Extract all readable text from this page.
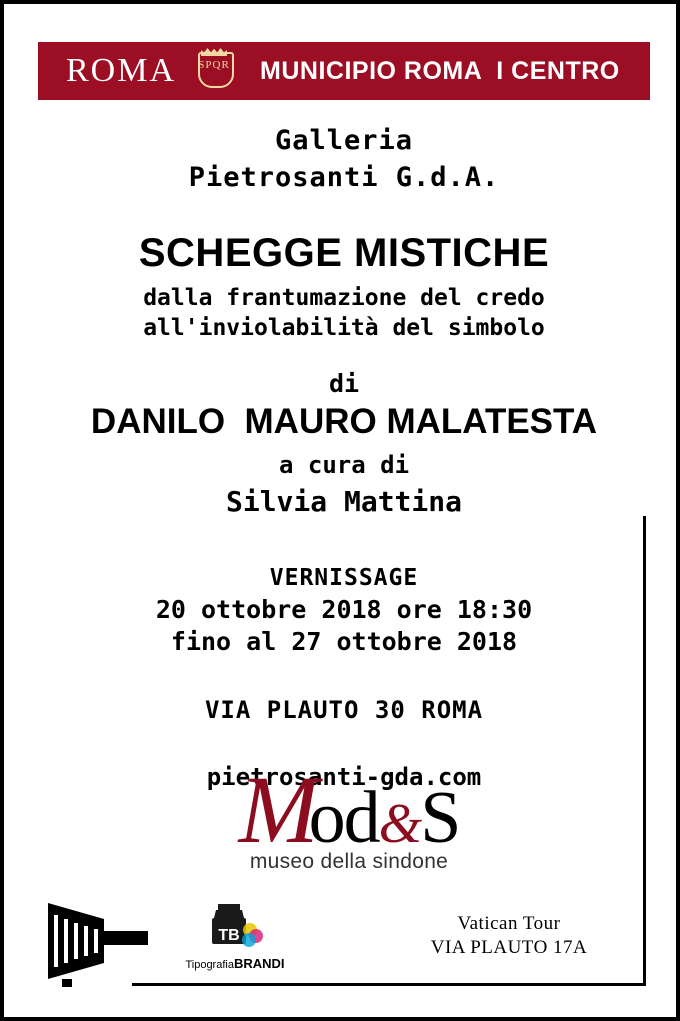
ROMA	SPQR MUNICIPIO ROMA  I CENTRO
Galleria
Pietrosanti G.d.A.
SCHEGGE MISTICHE
dalla frantumazione del credo
all'inviolabilità del simbolo
di
DANILO  MAURO MALATESTA
a cura di
Silvia Mattina
VERNISSAGE
20 ottobre 2018 ore 18:30
fino al 27 ottobre 2018
VIA PLAUTO 30 ROMA
pietrosanti-gda.com
Mod&S
museo della sindone
TB
TipografiaBRANDI
Vatican Tour
VIA PLAUTO 17A
